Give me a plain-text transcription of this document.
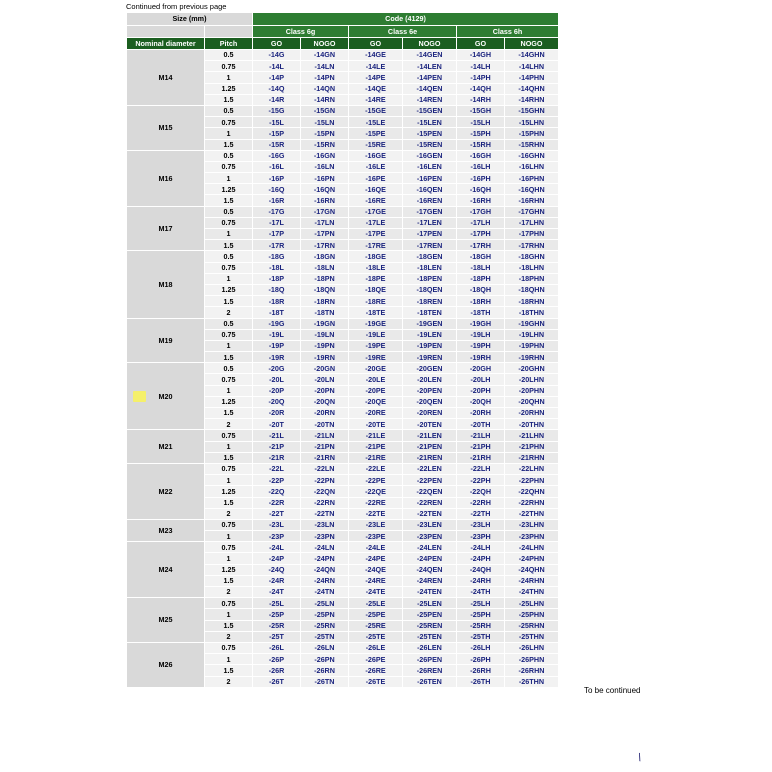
Continued from previous page
Size (mm)		Code (4129)					
		Class 6g		Class 6e		Class 6h	
Nominal diameter	Pitch	GO	NOGO	GO	NOGO	GO	NOGO
M14	0.5	-14G	-14GN	-14GE	-14GEN	-14GH	-14GHN
	0.75	-14L	-14LN	-14LE	-14LEN	-14LH	-14LHN
	1	-14P	-14PN	-14PE	-14PEN	-14PH	-14PHN
	1.25	-14Q	-14QN	-14QE	-14QEN	-14QH	-14QHN
	1.5	-14R	-14RN	-14RE	-14REN	-14RH	-14RHN
M15	0.5	-15G	-15GN	-15GE	-15GEN	-15GH	-15GHN
	0.75	-15L	-15LN	-15LE	-15LEN	-15LH	-15LHN
	1	-15P	-15PN	-15PE	-15PEN	-15PH	-15PHN
	1.5	-15R	-15RN	-15RE	-15REN	-15RH	-15RHN
M16	0.5	-16G	-16GN	-16GE	-16GEN	-16GH	-16GHN
	0.75	-16L	-16LN	-16LE	-16LEN	-16LH	-16LHN
	1	-16P	-16PN	-16PE	-16PEN	-16PH	-16PHN
	1.25	-16Q	-16QN	-16QE	-16QEN	-16QH	-16QHN
	1.5	-16R	-16RN	-16RE	-16REN	-16RH	-16RHN
M17	0.5	-17G	-17GN	-17GE	-17GEN	-17GH	-17GHN
	0.75	-17L	-17LN	-17LE	-17LEN	-17LH	-17LHN
	1	-17P	-17PN	-17PE	-17PEN	-17PH	-17PHN
	1.5	-17R	-17RN	-17RE	-17REN	-17RH	-17RHN
M18	0.5	-18G	-18GN	-18GE	-18GEN	-18GH	-18GHN
	0.75	-18L	-18LN	-18LE	-18LEN	-18LH	-18LHN
	1	-18P	-18PN	-18PE	-18PEN	-18PH	-18PHN
	1.25	-18Q	-18QN	-18QE	-18QEN	-18QH	-18QHN
	1.5	-18R	-18RN	-18RE	-18REN	-18RH	-18RHN
	2	-18T	-18TN	-18TE	-18TEN	-18TH	-18THN
M19	0.5	-19G	-19GN	-19GE	-19GEN	-19GH	-19GHN
	0.75	-19L	-19LN	-19LE	-19LEN	-19LH	-19LHN
	1	-19P	-19PN	-19PE	-19PEN	-19PH	-19PHN
	1.5	-19R	-19RN	-19RE	-19REN	-19RH	-19RHN
M20	0.5	-20G	-20GN	-20GE	-20GEN	-20GH	-20GHN
	0.75	-20L	-20LN	-20LE	-20LEN	-20LH	-20LHN
	1	-20P	-20PN	-20PE	-20PEN	-20PH	-20PHN
	1.25	-20Q	-20QN	-20QE	-20QEN	-20QH	-20QHN
	1.5	-20R	-20RN	-20RE	-20REN	-20RH	-20RHN
	2	-20T	-20TN	-20TE	-20TEN	-20TH	-20THN
M21	0.75	-21L	-21LN	-21LE	-21LEN	-21LH	-21LHN
	1	-21P	-21PN	-21PE	-21PEN	-21PH	-21PHN
	1.5	-21R	-21RN	-21RE	-21REN	-21RH	-21RHN
M22	0.75	-22L	-22LN	-22LE	-22LEN	-22LH	-22LHN
	1	-22P	-22PN	-22PE	-22PEN	-22PH	-22PHN
	1.25	-22Q	-22QN	-22QE	-22QEN	-22QH	-22QHN
	1.5	-22R	-22RN	-22RE	-22REN	-22RH	-22RHN
	2	-22T	-22TN	-22TE	-22TEN	-22TH	-22THN
M23	0.75	-23L	-23LN	-23LE	-23LEN	-23LH	-23LHN
	1	-23P	-23PN	-23PE	-23PEN	-23PH	-23PHN
M24	0.75	-24L	-24LN	-24LE	-24LEN	-24LH	-24LHN
	1	-24P	-24PN	-24PE	-24PEN	-24PH	-24PHN
	1.25	-24Q	-24QN	-24QE	-24QEN	-24QH	-24QHN
	1.5	-24R	-24RN	-24RE	-24REN	-24RH	-24RHN
	2	-24T	-24TN	-24TE	-24TEN	-24TH	-24THN
M25	0.75	-25L	-25LN	-25LE	-25LEN	-25LH	-25LHN
	1	-25P	-25PN	-25PE	-25PEN	-25PH	-25PHN
	1.5	-25R	-25RN	-25RE	-25REN	-25RH	-25RHN
	2	-25T	-25TN	-25TE	-25TEN	-25TH	-25THN
M26	0.75	-26L	-26LN	-26LE	-26LEN	-26LH	-26LHN
	1	-26P	-26PN	-26PE	-26PEN	-26PH	-26PHN
	1.5	-26R	-26RN	-26RE	-26REN	-26RH	-26RHN
	2	-26T	-26TN	-26TE	-26TEN	-26TH	-26THN
To be continued
\
